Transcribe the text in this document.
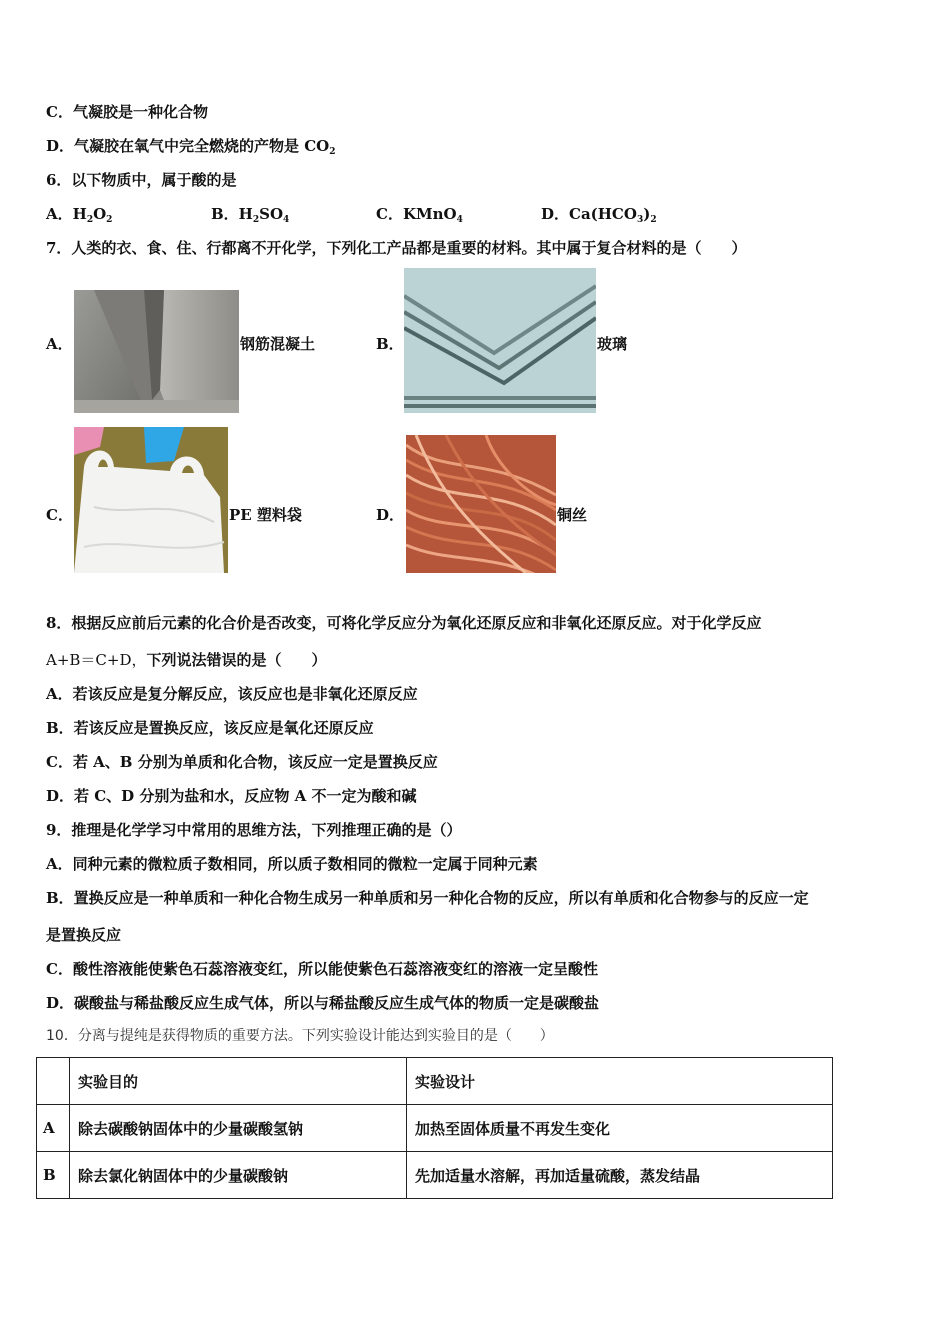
C．气凝胶是一种化合物
D．气凝胶在氧气中完全燃烧的产物是 $CO_2$
6．以下物质中，属于酸的是
A．$H_2O_2$	B．$H_2SO_4$	C．KMnO$_4$	D．$Ca(HCO_3)_2$
7．人类的衣、食、住、行都离不开化学，下列化工产品都是重要的材料。其中属于复合材料的是（　　）
A．	钢筋混凝土	B．	玻璃
C．	PE 塑料袋	D．	铜丝
8．根据反应前后元素的化合价是否改变，可将化学反应分为氧化还原反应和非氧化还原反应。对于化学反应
A+B＝C+D，下列说法错误的是（　　）
A．若该反应是复分解反应，该反应也是非氧化还原反应
B．若该反应是置换反应，该反应是氧化还原反应
C．若 A、B 分别为单质和化合物，该反应一定是置换反应
D．若 C、D 分别为盐和水，反应物 A 不一定为酸和碱
9．推理是化学学习中常用的思维方法，下列推理正确的是（）
A．同种元素的微粒质子数相同，所以质子数相同的微粒一定属于同种元素
B．置换反应是一种单质和一种化合物生成另一种单质和另一种化合物的反应，所以有单质和化合物参与的反应一定
是置换反应
C．酸性溶液能使紫色石蕊溶液变红，所以能使紫色石蕊溶液变红的溶液一定呈酸性
D．碳酸盐与稀盐酸反应生成气体，所以与稀盐酸反应生成气体的物质一定是碳酸盐
10．分离与提纯是获得物质的重要方法。下列实验设计能达到实验目的是（　　）
	实验目的	实验设计
A	除去碳酸钠固体中的少量碳酸氢钠	加热至固体质量不再发生变化
B	除去氯化钠固体中的少量碳酸钠	先加适量水溶解，再加适量硫酸，蒸发结晶
